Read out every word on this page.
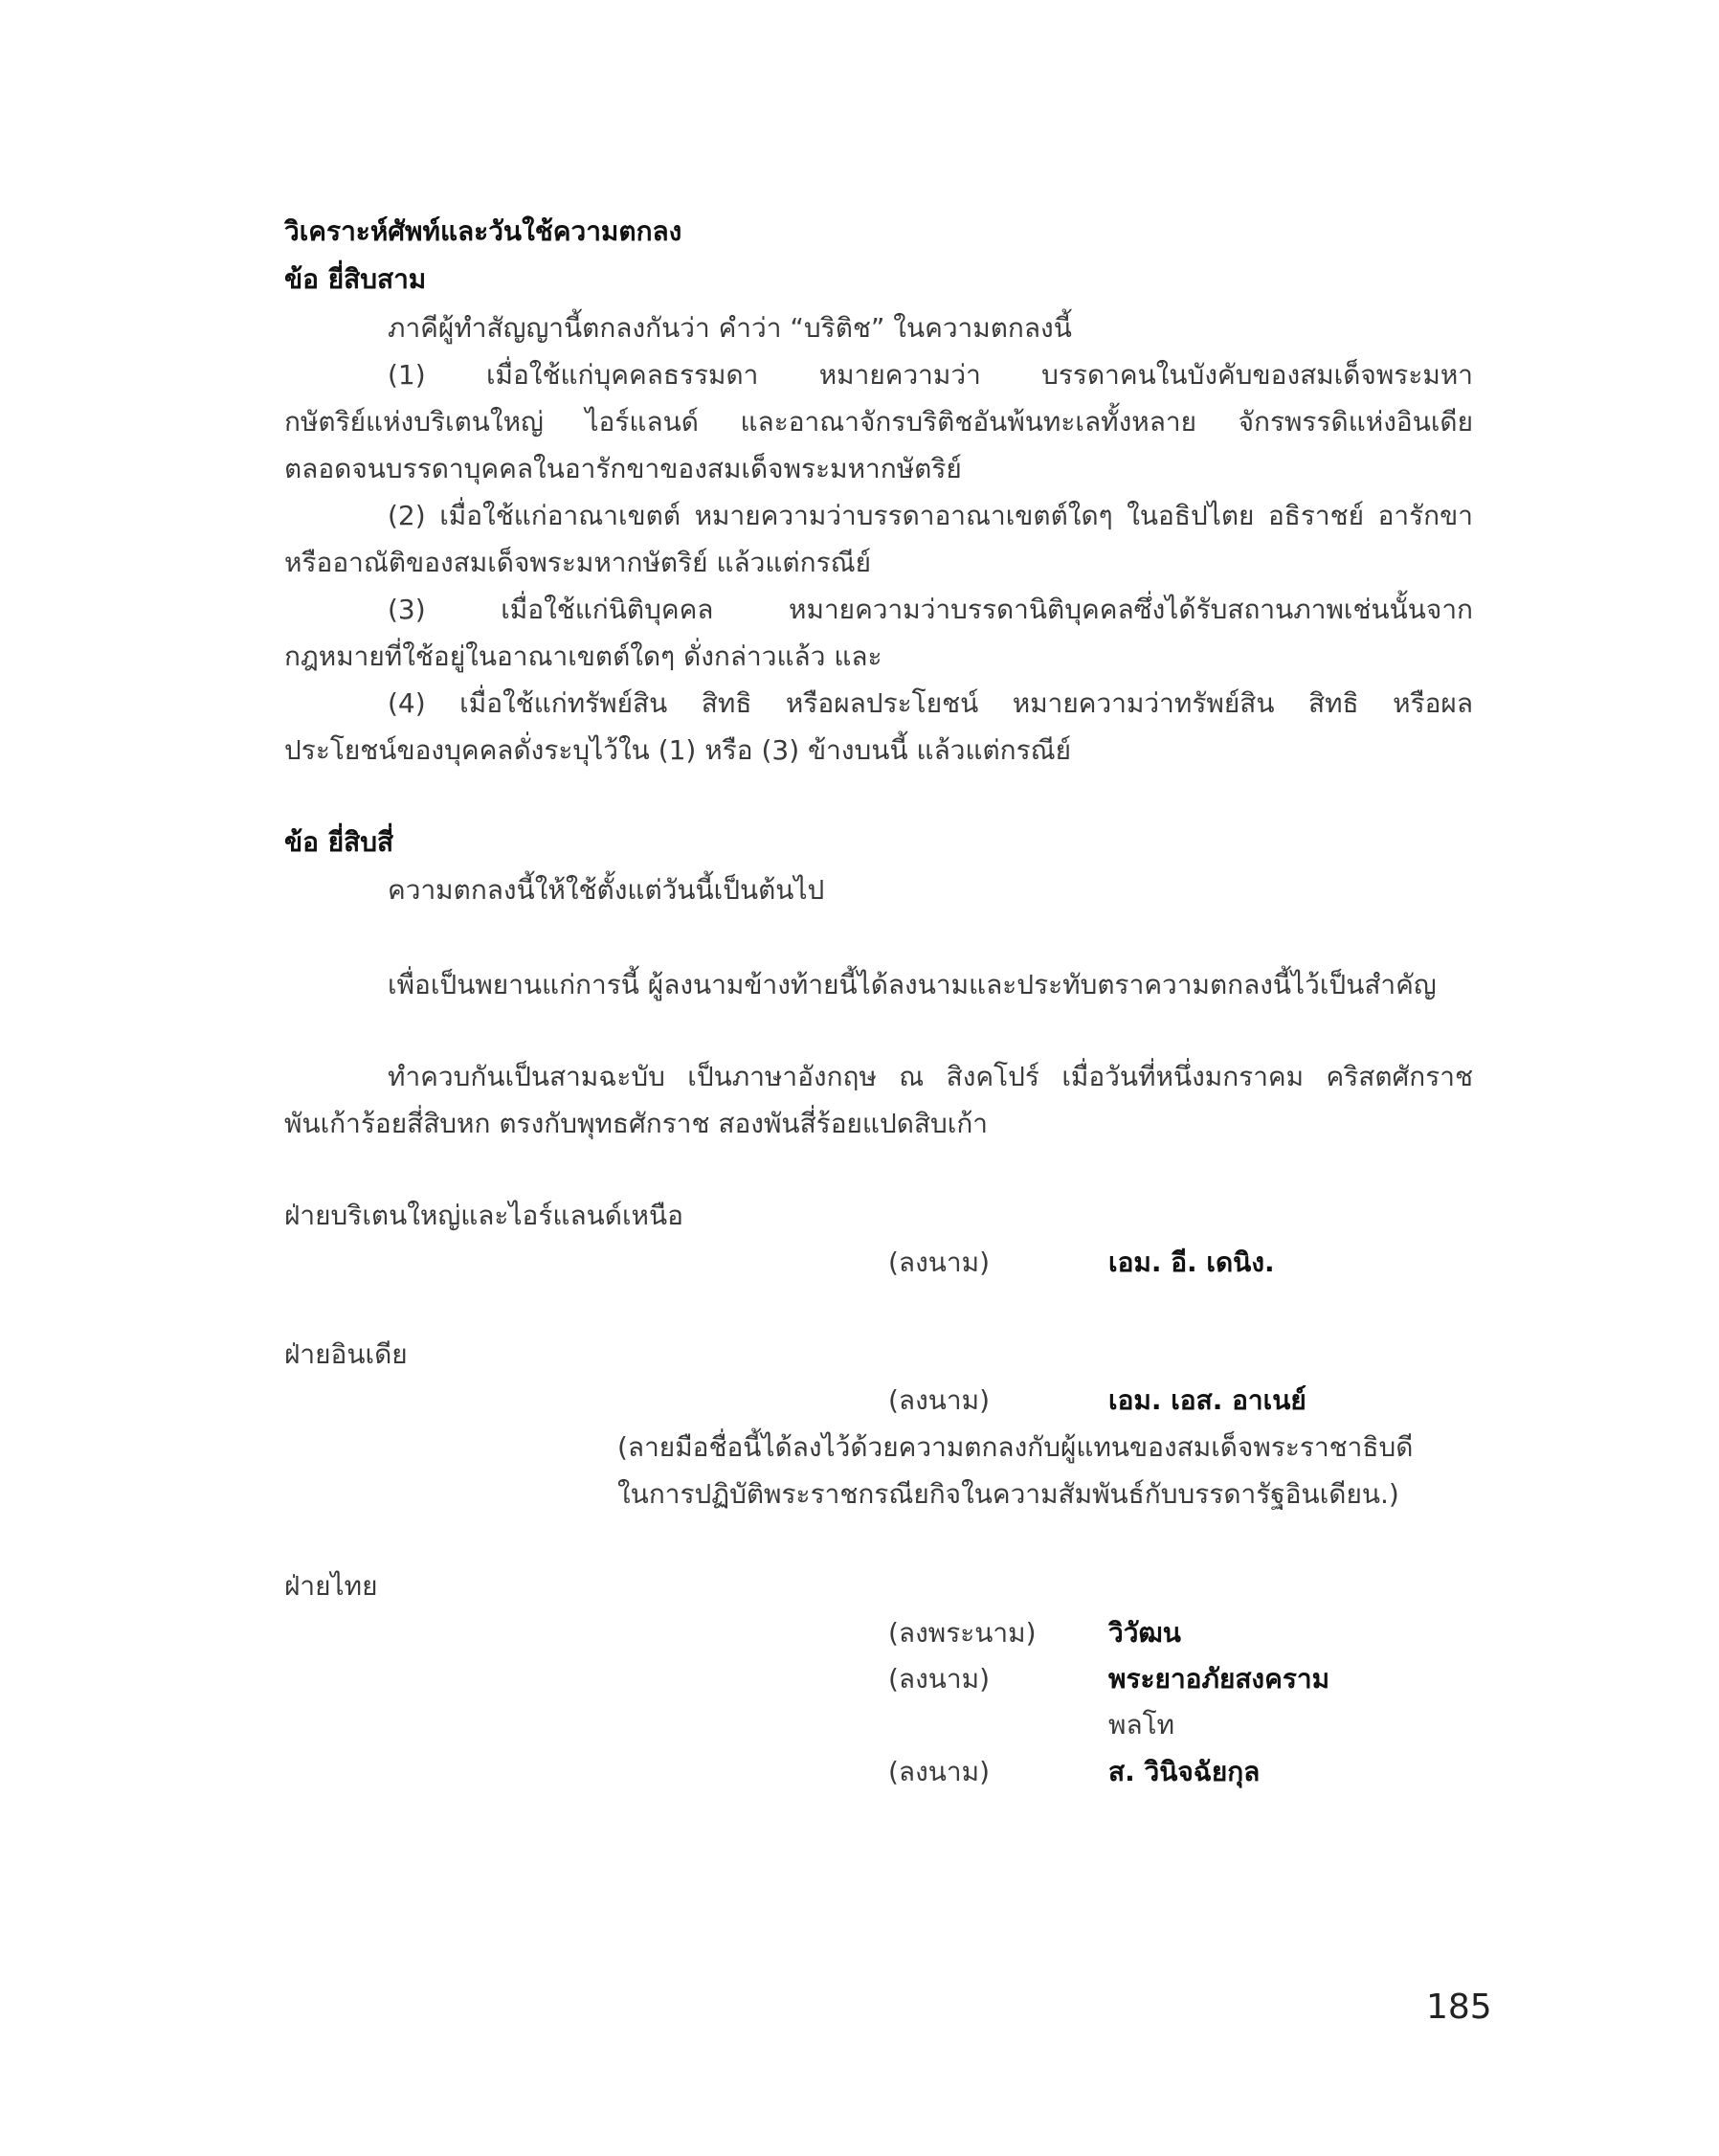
วิเคราะห์ศัพท์และวันใช้ความตกลง
ข้อ ยี่สิบสาม
ภาคีผู้ทำสัญญานี้ตกลงกันว่า คำว่า “บริติช” ในความตกลงนี้
(1) เมื่อใช้แก่บุคคลธรรมดา หมายความว่า บรรดาคนในบังคับของสมเด็จพระมหา
กษัตริย์แห่งบริเตนใหญ่ ไอร์แลนด์ และอาณาจักรบริติชอันพ้นทะเลทั้งหลาย จักรพรรดิแห่งอินเดีย
ตลอดจนบรรดาบุคคลในอารักขาของสมเด็จพระมหากษัตริย์
(2) เมื่อใช้แก่อาณาเขตต์ หมายความว่าบรรดาอาณาเขตต์ใดๆ ในอธิปไตย อธิราชย์ อารักขา
หรืออาณัติของสมเด็จพระมหากษัตริย์ แล้วแต่กรณีย์
(3) เมื่อใช้แก่นิติบุคคล หมายความว่าบรรดานิติบุคคลซึ่งได้รับสถานภาพเช่นนั้นจาก
กฎหมายที่ใช้อยู่ในอาณาเขตต์ใดๆ ดั่งกล่าวแล้ว และ
(4) เมื่อใช้แก่ทรัพย์สิน สิทธิ หรือผลประโยชน์ หมายความว่าทรัพย์สิน สิทธิ หรือผล
ประโยชน์ของบุคคลดั่งระบุไว้ใน (1) หรือ (3) ข้างบนนี้ แล้วแต่กรณีย์
ข้อ ยี่สิบสี่
ความตกลงนี้ให้ใช้ตั้งแต่วันนี้เป็นต้นไป
เพื่อเป็นพยานแก่การนี้ ผู้ลงนามข้างท้ายนี้ได้ลงนามและประทับตราความตกลงนี้ไว้เป็นสำคัญ
ทำควบกันเป็นสามฉะบับ เป็นภาษาอังกฤษ ณ สิงคโปร์ เมื่อวันที่หนึ่งมกราคม คริสตศักราช
พันเก้าร้อยสี่สิบหก ตรงกับพุทธศักราช สองพันสี่ร้อยแปดสิบเก้า
ฝ่ายบริเตนใหญ่และไอร์แลนด์เหนือ
(ลงนาม)	เอม. อี. เดนิง.
ฝ่ายอินเดีย
(ลงนาม)	เอม. เอส. อาเนย์
(ลายมือชื่อนี้ได้ลงไว้ด้วยความตกลงกับผู้แทนของสมเด็จพระราชาธิบดี
ในการปฏิบัติพระราชกรณียกิจในความสัมพันธ์กับบรรดารัฐอินเดียน.)
ฝ่ายไทย
(ลงพระนาม)	วิวัฒน
(ลงนาม)	พระยาอภัยสงคราม
พลโท
(ลงนาม)	ส. วินิจฉัยกุล
185
